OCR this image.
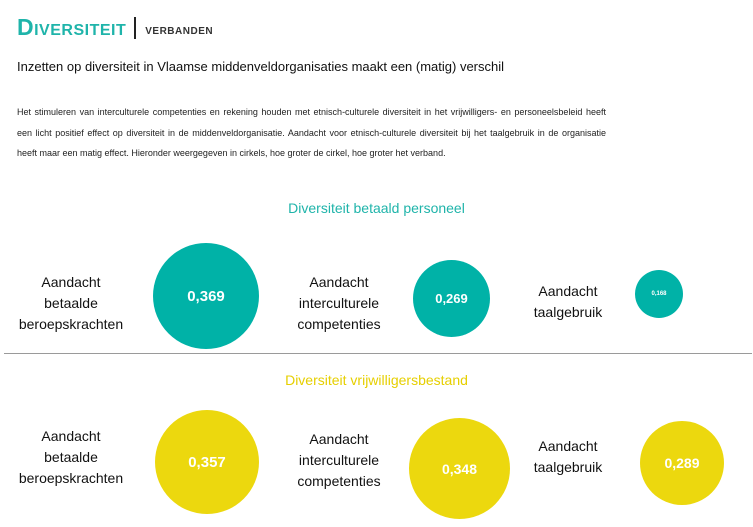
Diversiteit verbanden
Inzetten op diversiteit in Vlaamse middenveldorganisaties maakt een (matig) verschil
Het stimuleren van interculturele competenties en rekening houden met etnisch-culturele diversiteit in het vrijwilligers- en personeelsbeleid heeft een licht positief effect op diversiteit in de middenveldorganisatie. Aandacht voor etnisch-culturele diversiteit bij het taalgebruik in de organisatie heeft maar een matig effect. Hieronder weergegeven in cirkels, hoe groter de cirkel, hoe groter het verband.
Diversiteit betaald personeel
Aandacht
betaalde
beroepskrachten
0,369
Aandacht
interculturele
competenties
0,269	Aandacht
taalgebruik
0,168
Diversiteit vrijwilligersbestand
Aandacht
betaalde
beroepskrachten
0,357
Aandacht
interculturele
competenties
0,348
Aandacht
taalgebruik	0,289
